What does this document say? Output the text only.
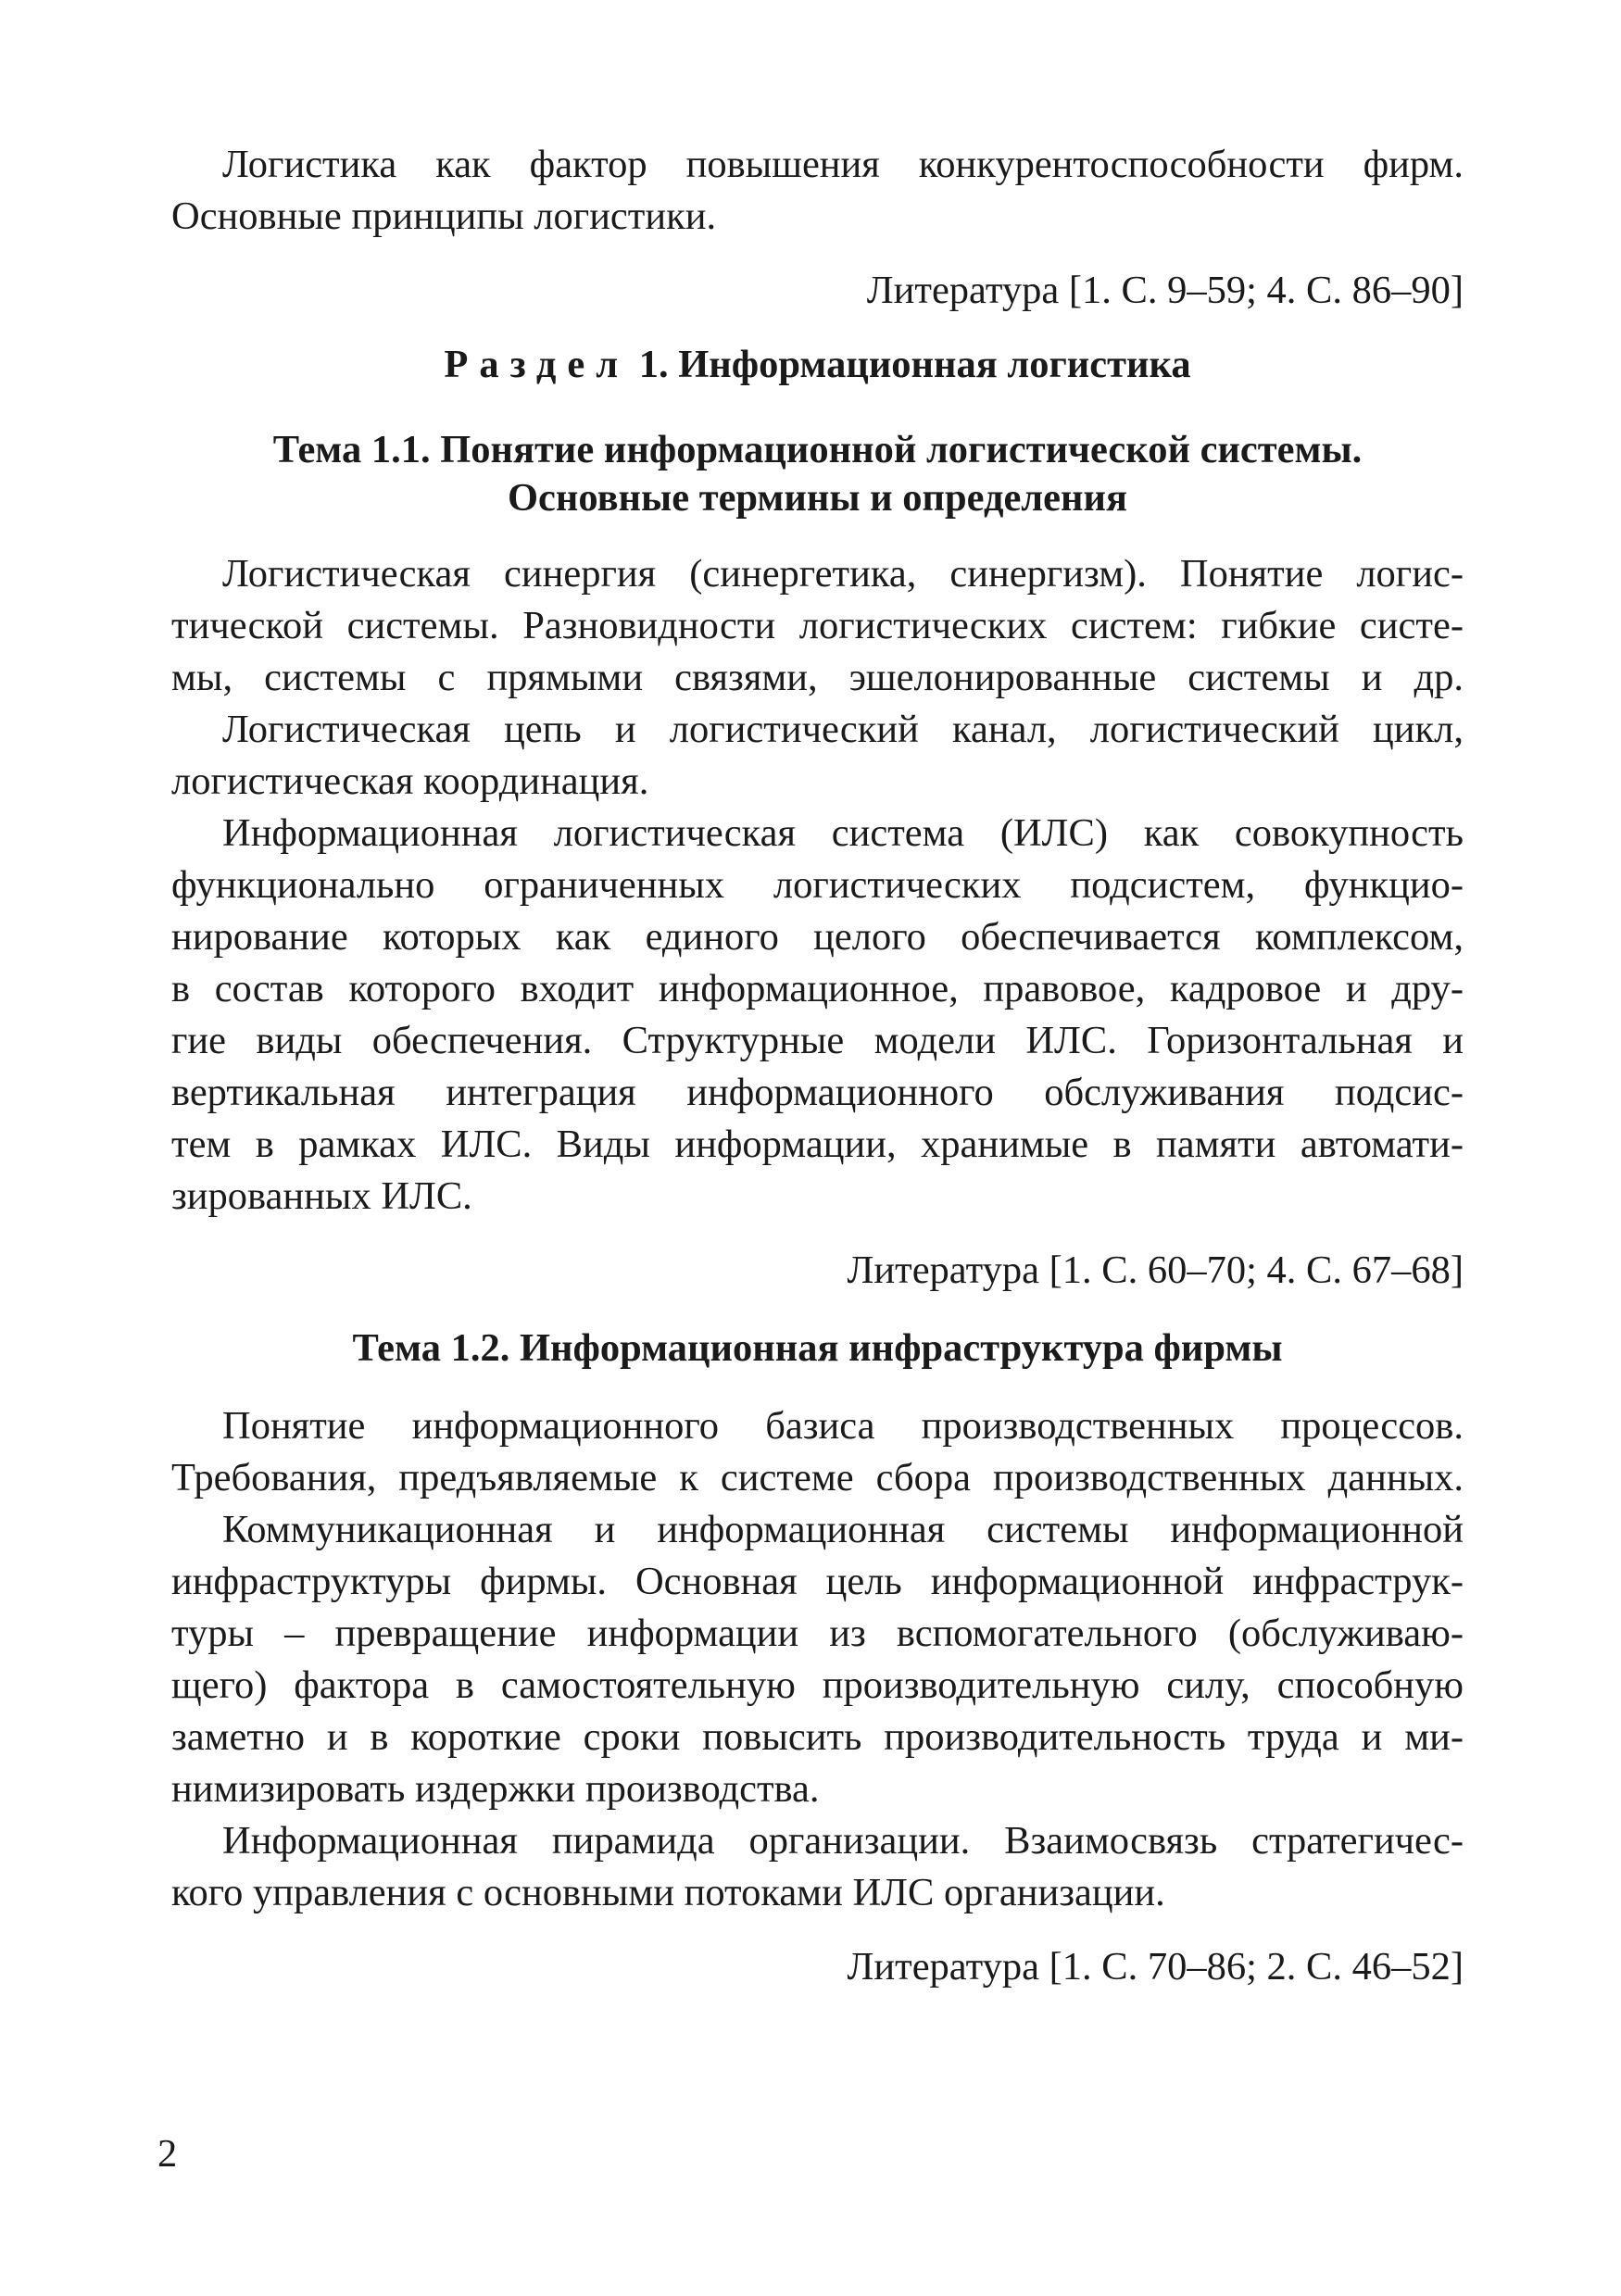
Логистика как фактор повышения конкурентоспособности фирм.

Основные принципы логистики.

Литература [1. С. 9–59; 4. С. 86–90]

Раздел 1. Информационная логистика
Тема 1.1. Понятие информационной логистической системы.
Основные термины и определения

Логистическая синергия (синергетика, синергизм). Понятие логис-

тической системы. Разновидности логистических систем: гибкие систе-

мы, системы с прямыми связями, эшелонированные системы и др.

Логистическая цепь и логистический канал, логистический цикл,

логистическая координация.

Информационная логистическая система (ИЛС) как совокупность

функционально ограниченных логистических подсистем, функцио-

нирование которых как единого целого обеспечивается комплексом,

в состав которого входит информационное, правовое, кадровое и дру-

гие виды обеспечения. Структурные модели ИЛС. Горизонтальная и

вертикальная интеграция информационного обслуживания подсис-

тем в рамках ИЛС. Виды информации, хранимые в памяти автомати-

зированных ИЛС.

Литература [1. С. 60–70; 4. С. 67–68]

Тема 1.2. Информационная инфраструктура фирмы

Понятие информационного базиса производственных процессов.

Требования, предъявляемые к системе сбора производственных данных.

Коммуникационная и информационная системы информационной

инфраструктуры фирмы. Основная цель информационной инфраструк-

туры – превращение информации из вспомогательного (обслуживаю-

щего) фактора в самостоятельную производительную силу, способную

заметно и в короткие сроки повысить производительность труда и ми-

нимизировать издержки производства.

Информационная пирамида организации. Взаимосвязь стратегичес-

кого управления с основными потоками ИЛС организации.

Литература [1. С. 70–86; 2. С. 46–52]

2
